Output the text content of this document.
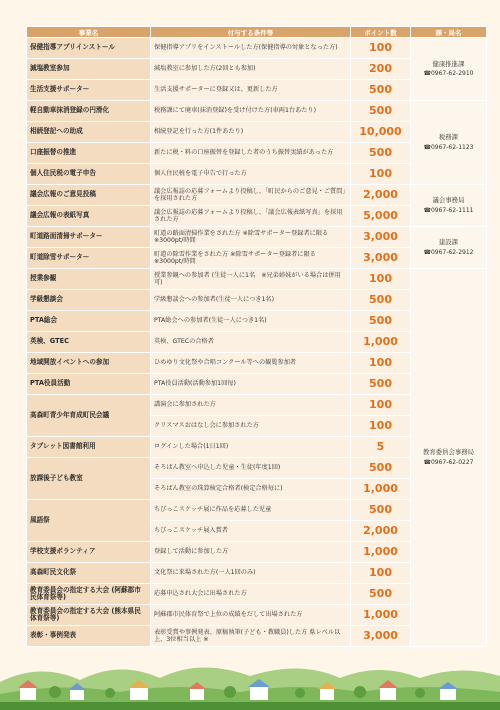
事業名	付与する条件等	ポイント数	課・局名
保健指導アプリインストール	保健指導アプリをインストールした方(保健指導の対象となった方)	100	健康推進課
☎0967-62-2910

減塩教室参加	減塩教室に参加した方(2回とも参加)	200	
生活支援サポーター	生活支援サポーターに登録又は、更新した方	500	
軽自動車抹消登録の円滑化	税務課にて廃車(抹消登録)を受け付けた方(車両1台あたり)	500	税務課
☎0967-62-1123

相続登記への助成	相続登記を行った方(1件あたり)	10,000	
口座振替の推進	新たに税・料の口座振替を登録した者のうち振替実績があった方	500	
個人住民税の電子申告	個人住民税を電子申告で行った方	100	
議会広報のご意見投稿	議会広報誌の応募フォームより投稿し、「町民からのご意見・ご質問」を採用された方	2,000	議会事務局
☎0967-62-1111

議会広報の表紙写真	議会広報誌の応募フォームより投稿し、「議会広報表紙写真」を採用された方	5,000	
町道路面清掃サポーター	町道の路面清掃作業をされた方 ※除雪サポーター登録者に限る　※3000pt/時間	3,000	建設課
☎0967-62-2912

町道除雪サポーター	町道の除雪作業をされた方 ※除雪サポーター登録者に限る　※3000pt/時間	3,000	
授業参観	授業参観への参加者 (生徒一人に1名　※兄弟姉妹がいる場合は併用可)	100	教育委員会事務局
☎0967-62-0227

学級懇談会	学級懇談会への参加者(生徒一人につき1名)	500	
PTA総会	PTA総会への参加者(生徒一人につき1名)	500	
英検、GTEC	英検、GTECの合格者	1,000	
地域開放イベントへの参加	ひめゆり文化祭や合唱コンクール等への観覧参加者	100	
PTA役員活動	PTA役員活動(活動参加1回毎)	500	
高森町青少年育成町民会議	講演会に参加された方	100	
	クリスマスおはなし会に参加された方	100	
タブレット図書館利用	ログインした場合(1日1回)	5	
放課後子ども教室	そろばん教室へ申込した児童・生徒(年度1回)	500	
	そろばん教室の珠算検定合格者(検定合格毎に)	1,000	
風語祭	ちびっこスケッチ展に作品を応募した児童	500	
	ちびっこスケッチ展入賞者	2,000	
学校支援ボランティア	登録して活動に参加した方	1,000	
高森町民文化祭	文化祭に来場された方(一人1回のみ)	100	
教育委員会の指定する大会 (阿蘇郡市民体育祭等)	応募申込され大会に出場された方	500	
教育委員会の指定する大会 (熊本県民体育祭等)	阿蘇郡市民体育祭で上位の成績をだして出場された方	1,000	
表彰・事例発表	表彰受賞や事例発表、原稿執筆(子ども・教職員)した方 県レベル以上、3位相当以上 ※	3,000	
